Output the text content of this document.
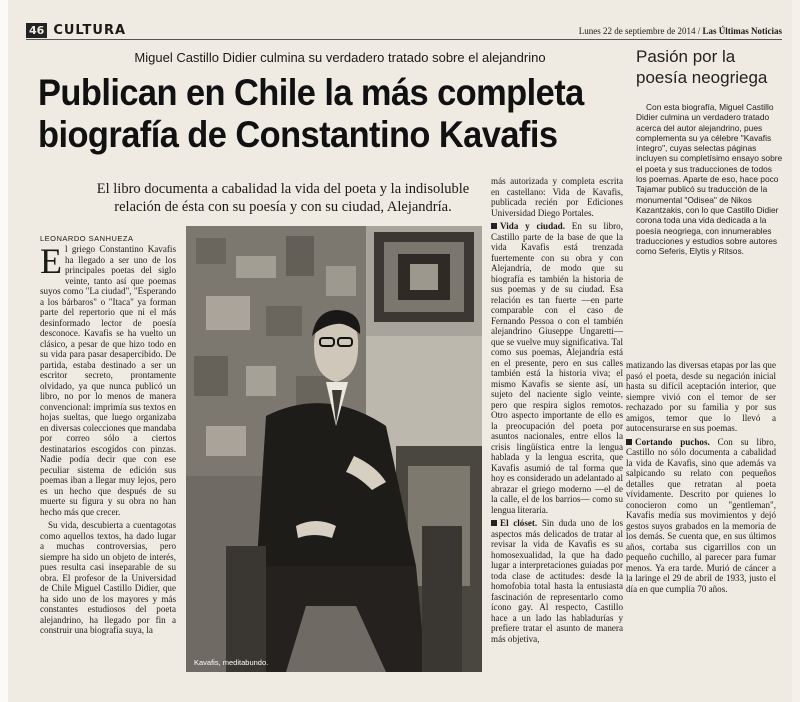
46 CULTURA	Lunes 22 de septiembre de 2014 / Las Últimas Noticias
Miguel Castillo Didier culmina su verdadero tratado sobre el alejandrino
Publican en Chile la más completa biografía de Constantino Kavafis
El libro documenta a cabalidad la vida del poeta y la indisoluble relación de ésta con su poesía y con su ciudad, Alejandría.
LEONARDO SANHUEZA

El griego Constantino Kavafis ha llegado a ser uno de los principales poetas del siglo veinte, tanto así que poemas suyos como "La ciudad", "Esperando a los bárbaros" o "Itaca" ya forman parte del repertorio que ni el más desinformado lector de poesía desconoce. Kavafis se ha vuelto un clásico, a pesar de que hizo todo en su vida para pasar desapercibido. De partida, estaba destinado a ser un escritor secreto, prontamente olvidado, ya que nunca publicó un libro, no por lo menos de manera convencional: imprimía sus textos en hojas sueltas, que luego organizaba en diversas colecciones que mandaba por correo sólo a ciertos destinatarios escogidos con pinzas. Nadie podía decir que con ese peculiar sistema de edición sus poemas iban a llegar muy lejos, pero es un hecho que después de su muerte su figura y su obra no han hecho más que crecer.

Su vida, descubierta a cuentagotas como aquellos textos, ha dado lugar a muchas controversias, pero siempre ha sido un objeto de interés, pues resulta casi inseparable de su obra. El profesor de la Universidad de Chile Miguel Castillo Didier, que ha sido uno de los mayores y más constantes estudiosos del poeta alejandrino, ha llegado por fin a construir una biografía suya, la

Kavafis, meditabundo.

más autorizada y completa escrita en castellano: Vida de Kavafis, publicada recién por Ediciones Universidad Diego Portales.

Vida y ciudad. En su libro, Castillo parte de la base de que la vida Kavafis está trenzada fuertemente con su obra y con Alejandría, de modo que su biografía es también la historia de sus poemas y de su ciudad. Esa relación es tan fuerte —en parte comparable con el caso de Fernando Pessoa o con el también alejandrino Giuseppe Ungaretti— que se vuelve muy significativa. Tal como sus poemas, Alejandría está en el presente, pero en sus calles también está la historia viva; el mismo Kavafis se siente así, un sujeto del naciente siglo veinte, pero que respira siglos remotos. Otro aspecto importante de ello es la preocupación del poeta por asuntos nacionales, entre ellos la crisis lingüística entre la lengua hablada y la lengua escrita, que Kavafis asumió de tal forma que hoy es considerado un adelantado al abrazar el griego moderno —el de la calle, el de los barrios— como su lengua literaria.

El clóset. Sin duda uno de los aspectos más delicados de tratar al revisar la vida de Kavafis es su homosexualidad, la que ha dado lugar a interpretaciones guiadas por toda clase de actitudes: desde la homofobia total hasta la entusiasta fascinación de representarlo como ícono gay. Al respecto, Castillo hace a un lado las habladurías y prefiere tratar el asunto de manera más objetiva,

Pasión por la poesía neogriega

Con esta biografía, Miguel Castillo Didier culmina un verdadero tratado acerca del autor alejandrino, pues complementa su ya célebre "Kavafis íntegro", cuyas selectas páginas incluyen su completísimo ensayo sobre el poeta y sus traducciones de todos los poemas. Aparte de eso, hace poco Tajamar publicó su traducción de la monumental "Odisea" de Nikos Kazantzakis, con lo que Castillo Didier corona toda una vida dedicada a la poesía neogriega, con innumerables traducciones y estudios sobre autores como Seferis, Elytis y Ritsos.

matizando las diversas etapas por las que pasó el poeta, desde su negación inicial hasta su difícil aceptación interior, que siempre vivió con el temor de ser rechazado por su familia y por sus amigos, temor que lo llevó a autocensurarse en sus poemas.

Cortando puchos. Con su libro, Castillo no sólo documenta a cabalidad la vida de Kavafis, sino que además va salpicando su relato con pequeños detalles que retratan al poeta vívidamente. Descrito por quienes lo conocieron como un "gentleman", Kavafis medía sus movimientos y dejó gestos suyos grabados en la memoria de los demás. Se cuenta que, en sus últimos años, cortaba sus cigarrillos con un pequeño cuchillo, al parecer para fumar menos. Ya era tarde. Murió de cáncer a la laringe el 29 de abril de 1933, justo el día en que cumplía 70 años.
